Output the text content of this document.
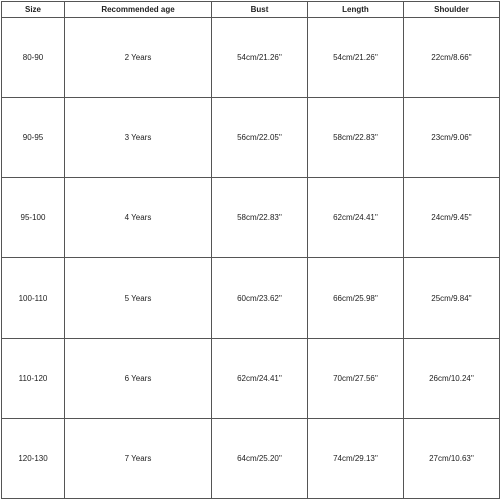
Size	Recommended age	Bust	Length	Shoulder
80-90	2 Years	54cm/21.26''	54cm/21.26''	22cm/8.66''
90-95	3 Years	56cm/22.05''	58cm/22.83''	23cm/9.06''
95-100	4 Years	58cm/22.83''	62cm/24.41''	24cm/9.45''
100-110	5 Years	60cm/23.62''	66cm/25.98''	25cm/9.84''
110-120	6 Years	62cm/24.41''	70cm/27.56''	26cm/10.24''
120-130	7 Years	64cm/25.20''	74cm/29.13''	27cm/10.63''
